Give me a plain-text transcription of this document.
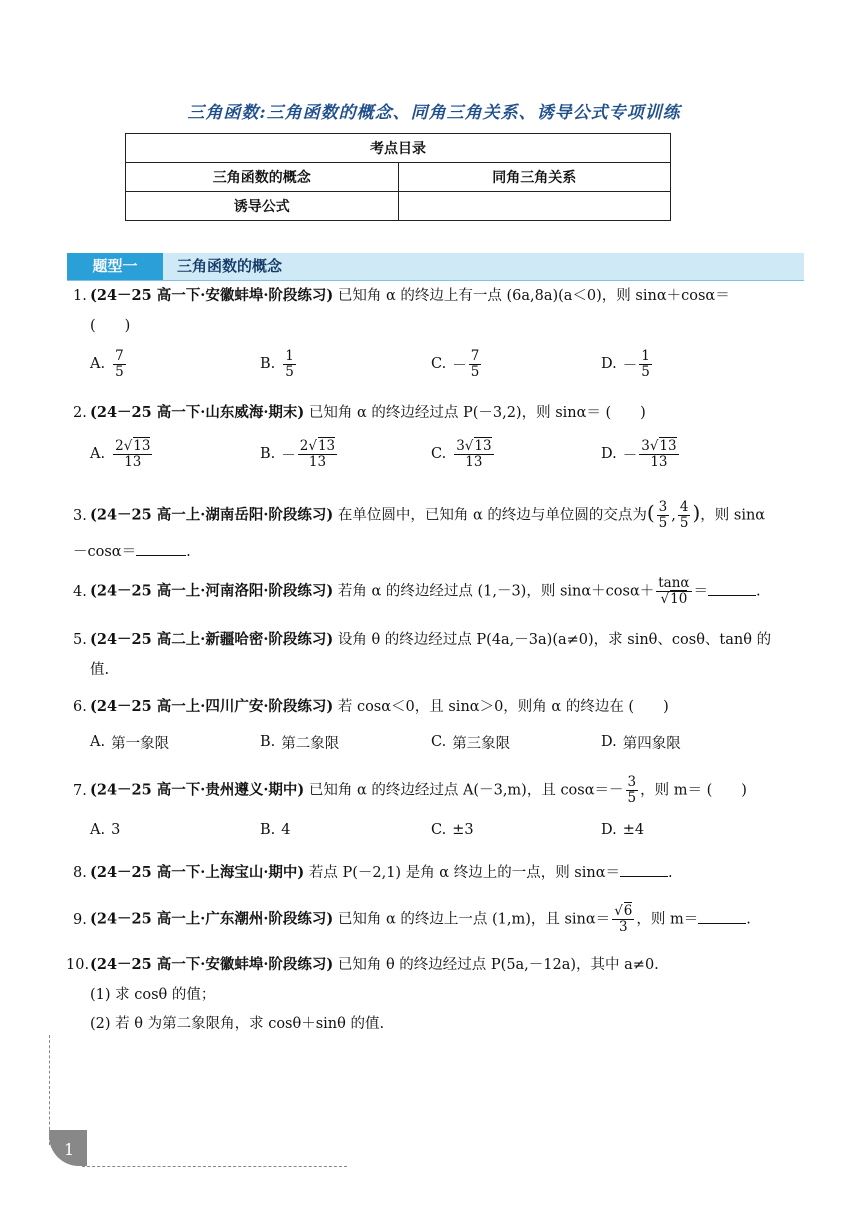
三角函数:三角函数的概念、同角三角关系、诱导公式专项训练
考点目录	
三角函数的概念	同角三角关系
诱导公式	
题型一	三角函数的概念
1. (24－25 高一下·安徽蚌埠·阶段练习) 已知角 α 的终边上有一点 (6a,8a)(a＜0)，则 sinα＋cosα＝
(　　)
A. $\frac{7}{5}$	B. $\frac{1}{5}$	C. － $\frac{7}{5}$	D. － $\frac{1}{5}$
2. (24－25 高一下·山东威海·期末) 已知角 α 的终边经过点 P(－3,2)，则 sinα＝ (　　)
A. $\frac{2√13}{13}$	B. － $\frac{2√13}{13}$	C. $\frac{3√13}{13}$	D. － $\frac{3√13}{13}$
3. (24－25 高一上·湖南岳阳·阶段练习) 在单位圆中，已知角 α 的终边与单位圆的交点为( $\frac{3}{5}$ , $\frac{4}{5}$ )，则 sinα
－cosα＝	.
4. (24－25 高一上·河南洛阳·阶段练习) 若角 α 的终边经过点 (1,－3)，则 $\sin\alpha+\cos\alpha+ \frac{\tan\alpha}{√10}$ ＝	.
5. (24－25 高二上·新疆哈密·阶段练习) 设角 θ 的终边经过点 P(4a,－3a)(a≠0)，求 sinθ、cosθ、tanθ 的
值.
6. (24－25 高一上·四川广安·阶段练习) 若 cosα＜0，且 sinα＞0，则角 α 的终边在 (　　)
A. 第一象限	B. 第二象限	C. 第三象限	D. 第四象限
7. (24－25 高一下·贵州遵义·期中) 已知角 α 的终边经过点 A(－3,m)，且 $\cos\alpha=- \frac{3}{5}$ ，则 m＝ (　　)
A. 3	B. 4	C. ±3	D. ±4
8. (24－25 高一下·上海宝山·期中) 若点 P(－2,1) 是角 α 终边上的一点，则 sinα＝	.
9. (24－25 高一上·广东潮州·阶段练习) 已知角 α 的终边上一点 (1,m)，且 $\sin\alpha= \frac{√6}{3}$ ，则 m＝	.
10.(24－25 高一下·安徽蚌埠·阶段练习) 已知角 θ 的终边经过点 P(5a,－12a)，其中 a≠0.
(1) 求 cosθ 的值；
(2) 若 θ 为第二象限角，求 cosθ＋sinθ 的值.
1
